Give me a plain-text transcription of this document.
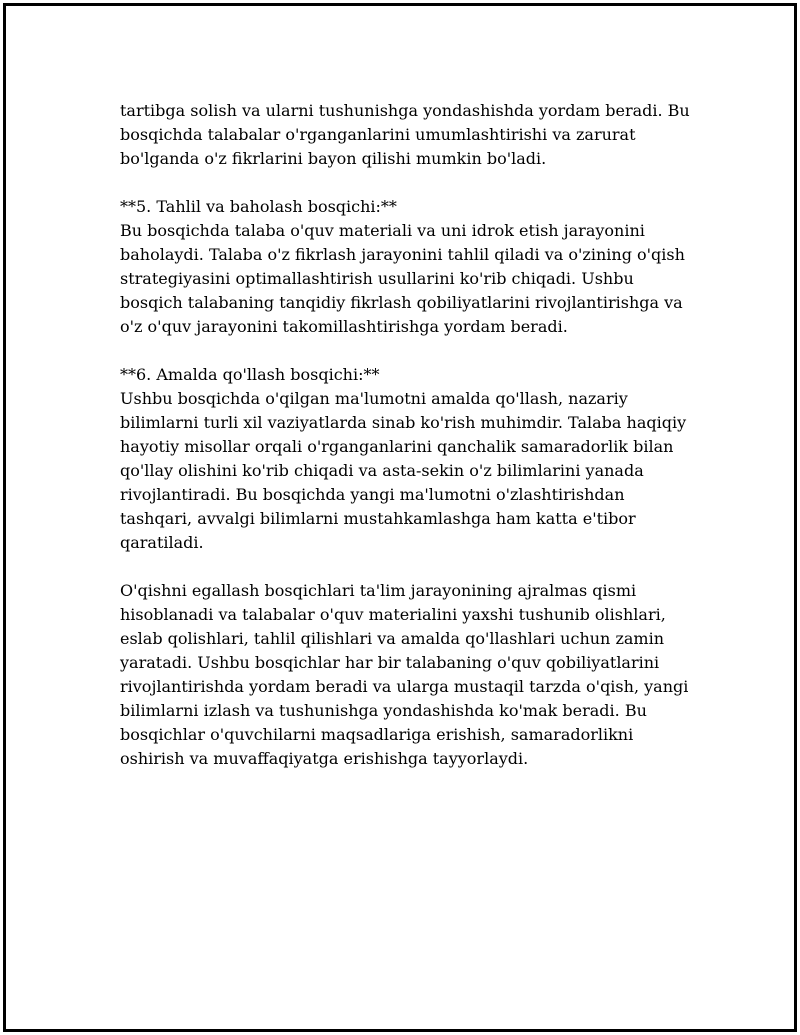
tartibga solish va ularni tushunishga yondashishda yordam beradi. Bu bosqichda talabalar o'rganganlarini umumlashtirishi va zarurat bo'lganda o'z fikrlarini bayon qilishi mumkin bo'ladi.

**5. Tahlil va baholash bosqichi:**
Bu bosqichda talaba o'quv materiali va uni idrok etish jarayonini baholaydi. Talaba o'z fikrlash jarayonini tahlil qiladi va o'zining o'qish strategiyasini optimallashtirish usullarini ko'rib chiqadi. Ushbu bosqich talabaning tanqidiy fikrlash qobiliyatlarini rivojlantirishga va o'z o'quv jarayonini takomillashtirishga yordam beradi.

**6. Amalda qo'llash bosqichi:**
Ushbu bosqichda o'qilgan ma'lumotni amalda qo'llash, nazariy bilimlarni turli xil vaziyatlarda sinab ko'rish muhimdir. Talaba haqiqiy hayotiy misollar orqali o'rganganlarini qanchalik samaradorlik bilan qo'llay olishini ko'rib chiqadi va asta-sekin o'z bilimlarini yanada rivojlantiradi. Bu bosqichda yangi ma'lumotni o'zlashtirishdan tashqari, avvalgi bilimlarni mustahkamlashga ham katta e'tibor qaratiladi.

O'qishni egallash bosqichlari ta'lim jarayonining ajralmas qismi hisoblanadi va talabalar o'quv materialini yaxshi tushunib olishlari, eslab qolishlari, tahlil qilishlari va amalda qo'llashlari uchun zamin yaratadi. Ushbu bosqichlar har bir talabaning o'quv qobiliyatlarini rivojlantirishda yordam beradi va ularga mustaqil tarzda o'qish, yangi bilimlarni izlash va tushunishga yondashishda ko'mak beradi. Bu bosqichlar o'quvchilarni maqsadlariga erishish, samaradorlikni oshirish va muvaffaqiyatga erishishga tayyorlaydi.
